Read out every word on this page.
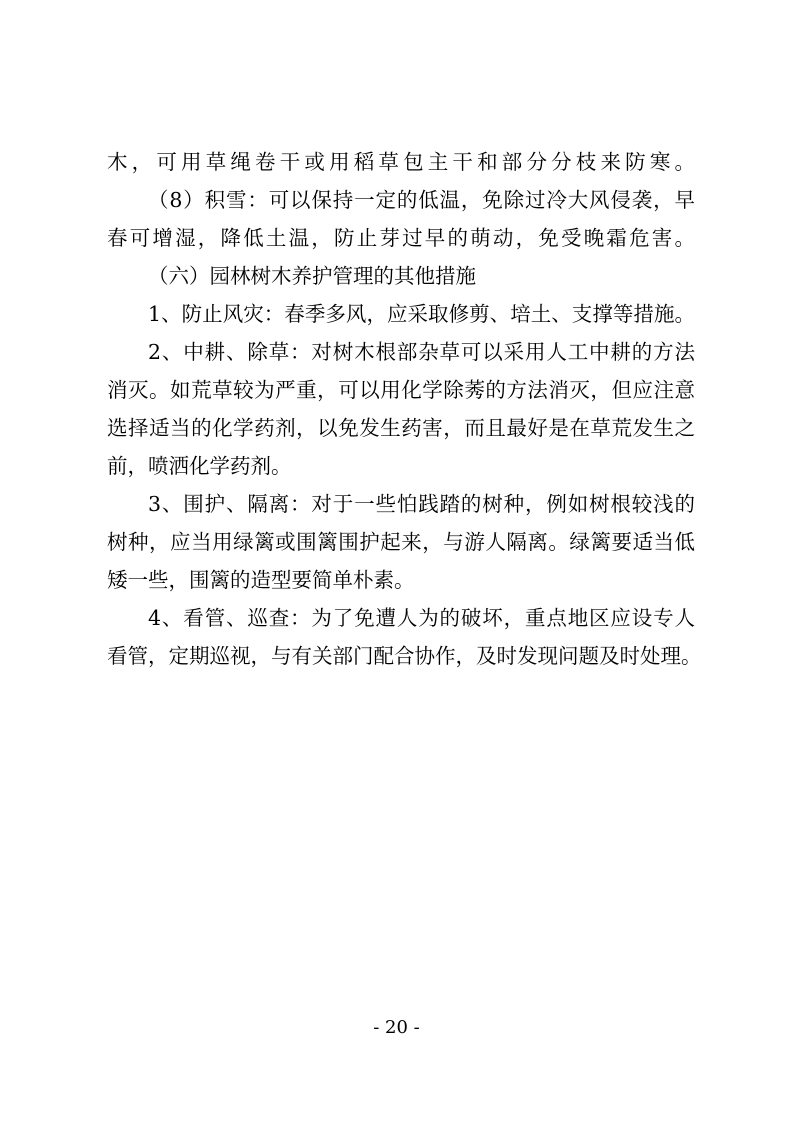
木，可用草绳卷干或用稻草包主干和部分分枝来防寒。
（8）积雪：可以保持一定的低温，免除过冷大风侵袭，早
春可增湿，降低土温，防止芽过早的萌动，免受晚霜危害。
（六）园林树木养护管理的其他措施
1、防止风灾：春季多风，应采取修剪、培土、支撑等措施。
2、中耕、除草：对树木根部杂草可以采用人工中耕的方法
消灭。如荒草较为严重，可以用化学除莠的方法消灭，但应注意
选择适当的化学药剂，以免发生药害，而且最好是在草荒发生之
前，喷洒化学药剂。
3、围护、隔离：对于一些怕践踏的树种，例如树根较浅的
树种，应当用绿篱或围篱围护起来，与游人隔离。绿篱要适当低
矮一些，围篱的造型要简单朴素。
4、看管、巡查：为了免遭人为的破坏，重点地区应设专人
看管，定期巡视，与有关部门配合协作，及时发现问题及时处理。
- 20 -
